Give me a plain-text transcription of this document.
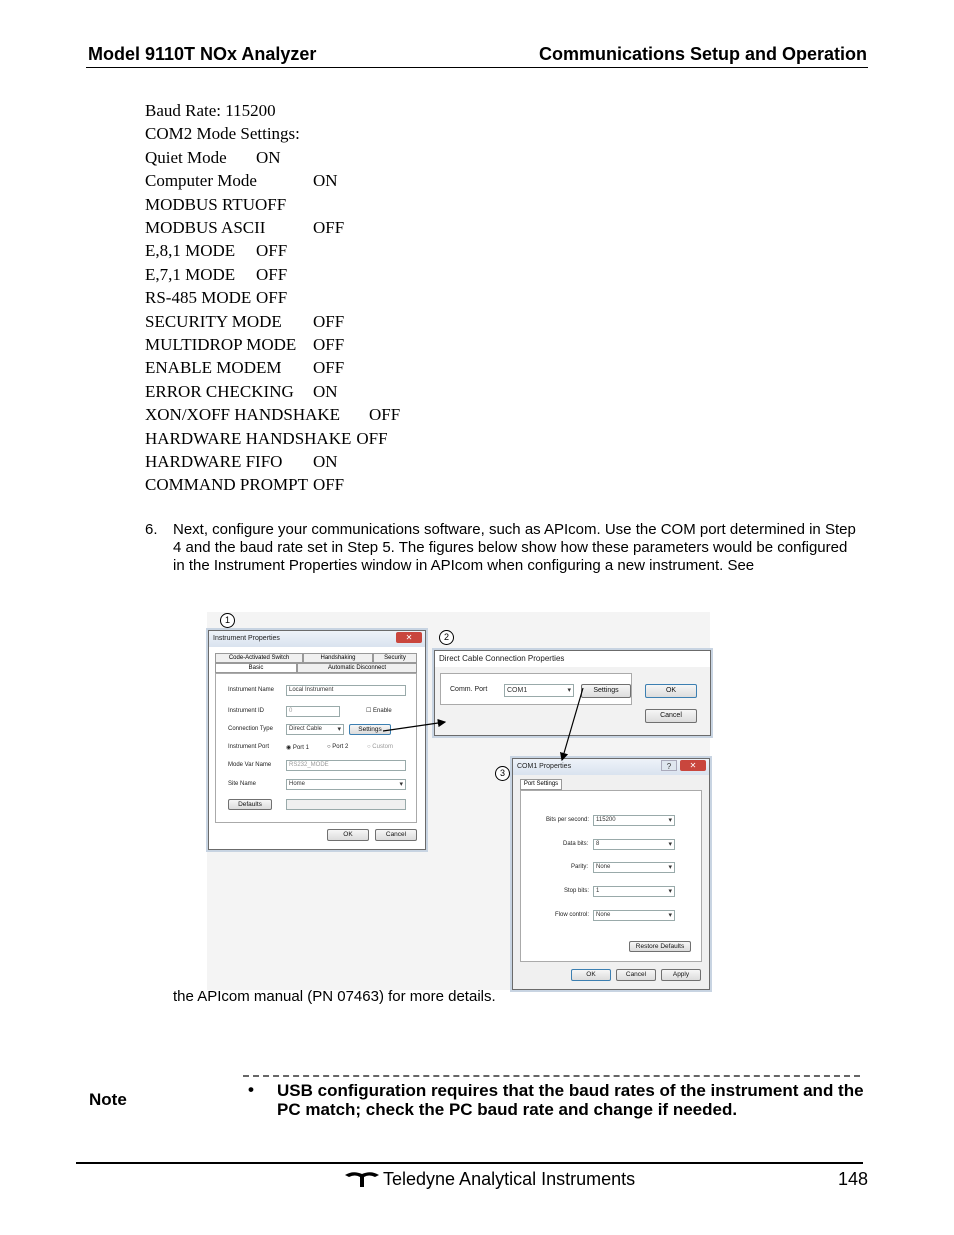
Model 9110T NOx Analyzer	Communications Setup and Operation
Baud Rate: 115200
COM2 Mode Settings:
Quiet Mode ON
Computer Mode	ON
MODBUS RTUOFF
MODBUS ASCII	OFF
E,8,1 MODE OFF
E,7,1 MODE OFF
RS-485 MODE OFF
SECURITY MODE OFF
MULTIDROP MODE OFF
ENABLE MODEM OFF
ERROR CHECKING ON
XON/XOFF HANDSHAKE OFF
HARDWARE HANDSHAKE OFF
HARDWARE FIFO ON
COMMAND PROMPT OFF
6. Next, configure your communications software, such as APIcom. Use the COM port determined in Step 4 and the baud rate set in Step 5. The figures below show how these parameters would be configured in the Instrument Properties window in APIcom when configuring a new instrument. See
1
2
3
Instrument Properties	✕
Code-Activated Switch	Handshaking	Security
Basic	Automatic Disconnect
Instrument Name	Local Instrument
Instrument ID	0	☐ Enable
Connection Type	Direct Cable ▾	Settings
Instrument Port	◉ Port 1	○ Port 2	○ Custom
Mode Var Name	RS232_MODE
Site Name	Home ▾
Defaults
OK	Cancel
Direct Cable Connection Properties
Comm. Port	COM1 ▾	Settings	OK
Cancel
COM1 Properties	?	✕
Port Settings
Bits per second:	115200 ▾
Data bits:	8 ▾
Parity:	None ▾
Stop bits:	1 ▾
Flow control:	None ▾
Restore Defaults
OK	Cancel	Apply
the APIcom manual (PN 07463) for more details.
Note
• USB configuration requires that the baud rates of the instrument and the PC match; check the PC baud rate and change if needed.
Teledyne Analytical Instruments	148
